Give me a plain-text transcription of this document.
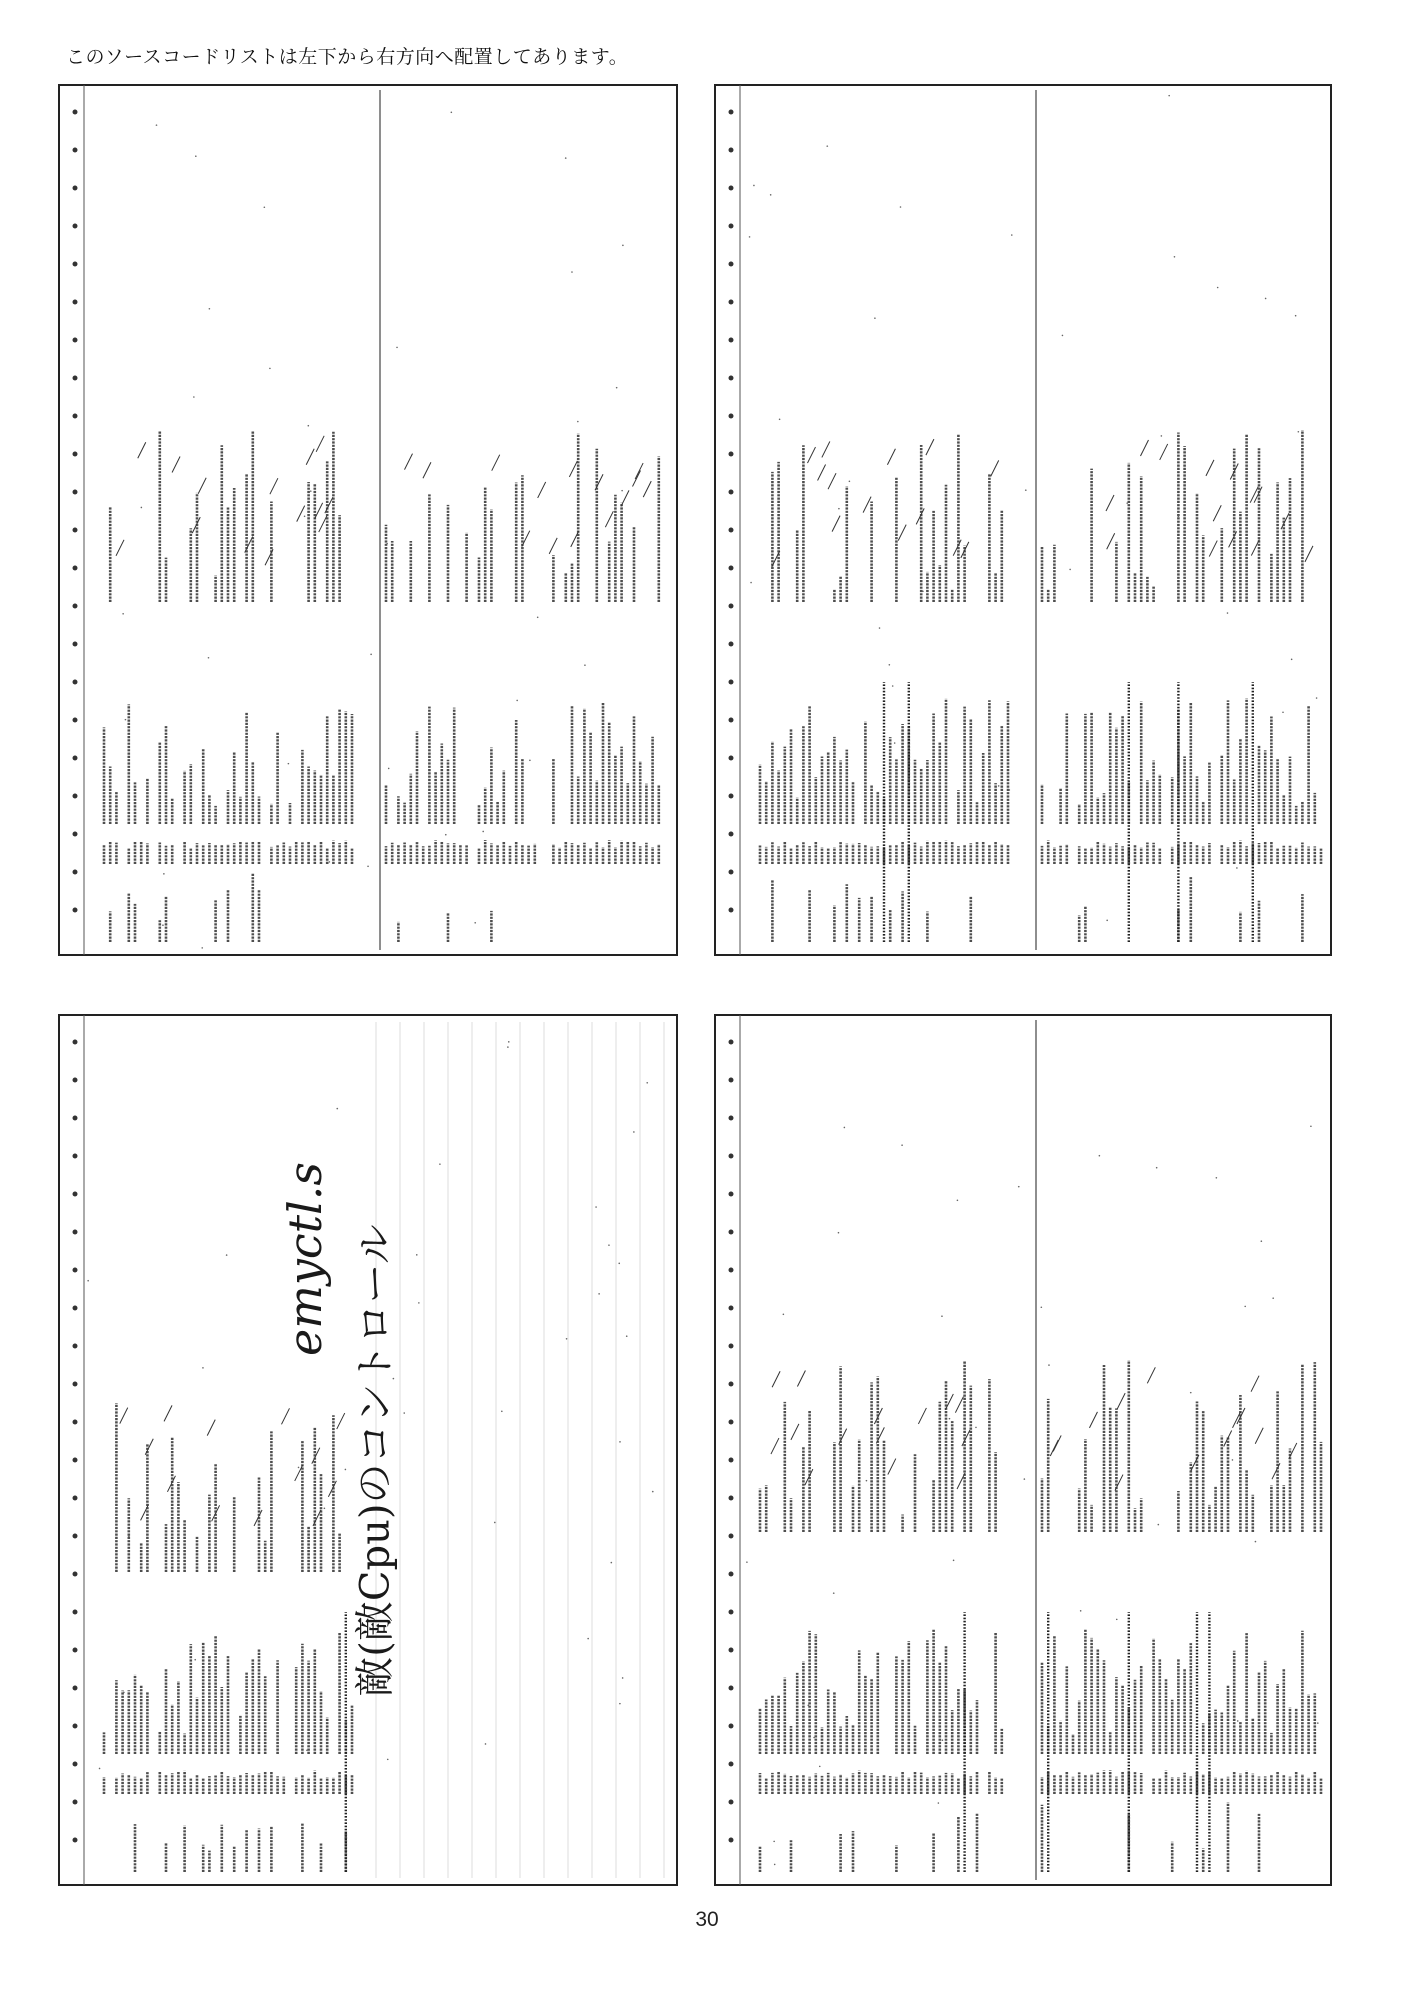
このソースコードリストは左下から右方向へ配置してあります。
emyctl.s 敵(敵Cpu)のコントロール
30
